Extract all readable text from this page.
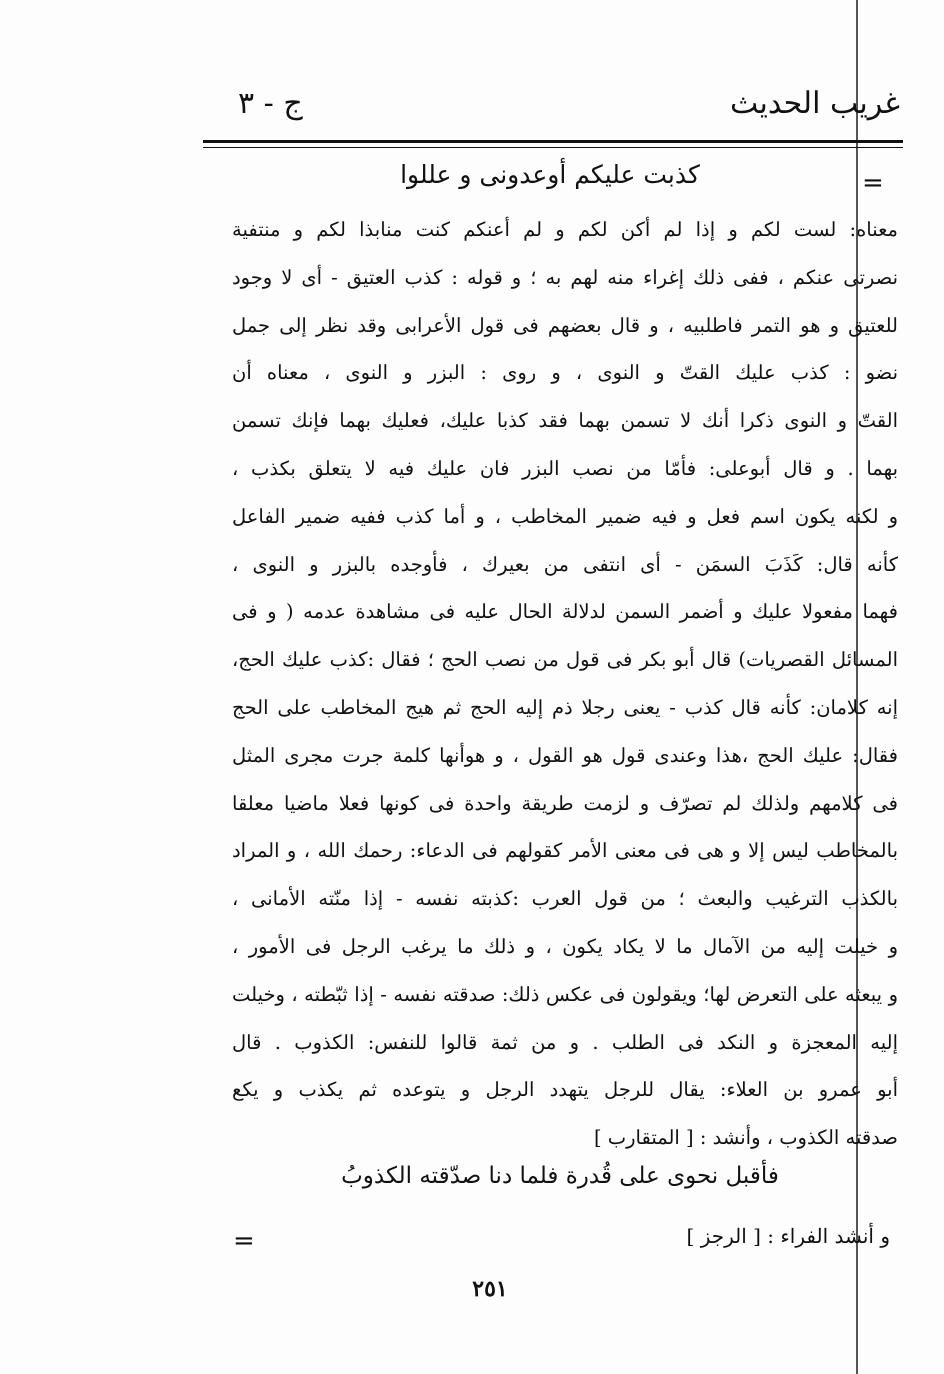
غريب الحديث
ج - ٣
=
كذبت عليكم أوعدونى و عللوا
معناه: لست لكم و إذا لم أكن لكم و لم أعنكم كنت منابذا لكم و منتفية
نصرتى عنكم ، ففى ذلك إغراء منه لهم به ؛ و قوله : كذب العتيق - أى لا وجود
للعتيق و هو التمر فاطلبيه ، و قال بعضهم فى قول الأعرابى وقد نظر إلى جمل
نضو : كذب عليك القتّ و النوى ، و روى : البزر و النوى ، معناه أن
القتّ و النوى ذكرا أنك لا تسمن بهما فقد كذبا عليك، فعليك بهما فإنك تسمن
بهما . و قال أبوعلى: فأمّا من نصب البزر فان عليك فيه لا يتعلق بكذب ،
و لكنه يكون اسم فعل و فيه ضمير المخاطب ، و أما كذب ففيه ضمير الفاعل
كأنه قال: كَذَبَ السمَن - أى انتفى من بعيرك ، فأوجده بالبزر و النوى ،
فهما مفعولا عليك و أضمر السمن لدلالة الحال عليه فى مشاهدة عدمه ( و فى
المسائل القصريات) قال أبو بكر فى قول من نصب الحج ؛ فقال :كذب عليك الحج،
إنه كلامان: كأنه قال كذب - يعنى رجلا ذم إليه الحج ثم هيج المخاطب على الحج
فقال: عليك الحج ،هذا وعندى قول هو القول ، و هوأنها كلمة جرت مجرى المثل
فى كلامهم ولذلك لم تصرّف و لزمت طريقة واحدة فى كونها فعلا ماضيا معلقا
بالمخاطب ليس إلا و هى فى معنى الأمر كقولهم فى الدعاء: رحمك الله ، و المراد
بالكذب الترغيب والبعث ؛ من قول العرب :كذبته نفسه - إذا منّته الأمانى ،
و خيلت إليه من الآمال ما لا يكاد يكون ، و ذلك ما يرغب الرجل فى الأمور ،
و يبعثه على التعرض لها؛ ويقولون فى عكس ذلك: صدقته نفسه - إذا ثبّطته ، وخيلت
إليه المعجزة و النكد فى الطلب . و من ثمة قالوا للنفس: الكذوب . قال
أبو عمرو بن العلاء: يقال للرجل يتهدد الرجل و يتوعده ثم يكذب و يكع
صدقته الكذوب ، وأنشد : [ المتقارب ]
فأقبل نحوى على قُدرة فلما دنا صدّقته الكذوبُ
و أنشد الفراء : [ الرجز ]
=
٢٥١
